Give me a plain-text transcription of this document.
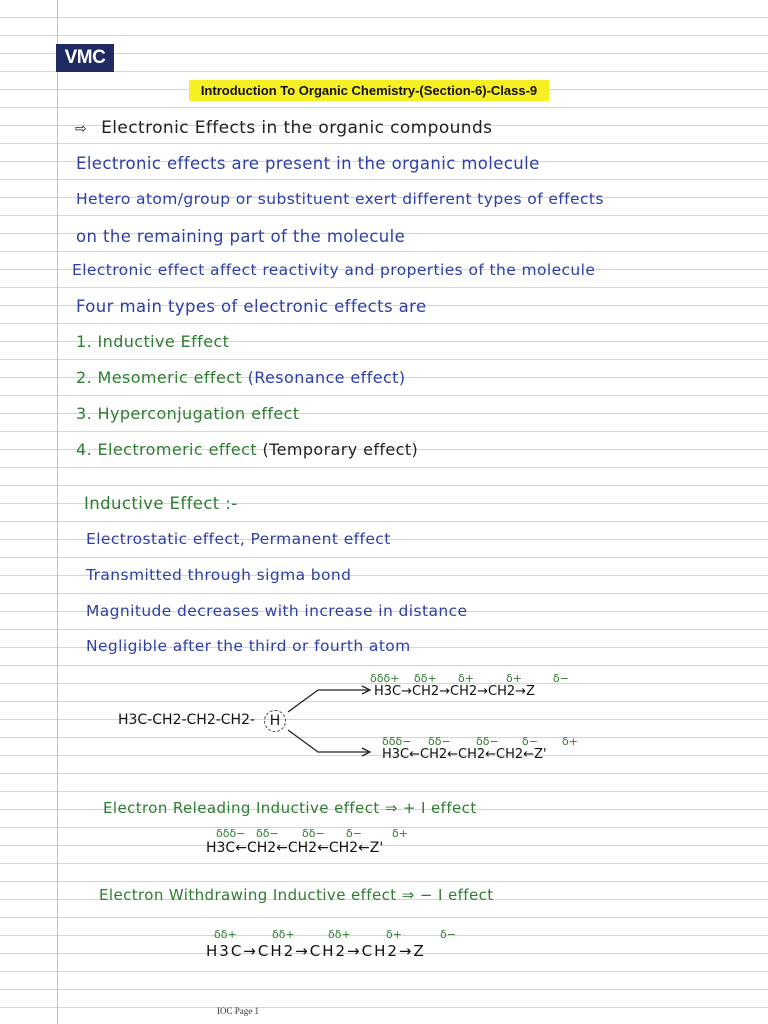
VMC
Introduction To Organic Chemistry-(Section-6)-Class-9
⇨ Electronic Effects in the organic compounds
Electronic effects are present in the organic molecule
Hetero atom/group or substituent exert different types of effects
on the remaining part of the molecule
Electronic effect affect reactivity and properties of the molecule
Four main types of electronic effects are
1. Inductive Effect
2. Mesomeric effect (Resonance effect)
3. Hyperconjugation effect
4. Electromeric effect (Temporary effect)
Inductive Effect :-
Electrostatic effect, Permanent effect
Transmitted through sigma bond
Magnitude decreases with increase in distance
Negligible after the third or fourth atom
H3C-CH2-CH2-CH2-	H
δδδ+ δδ+ δ+	δ+	δ−
H3C→CH2→CH2→CH2→Z
δδδ− δδ− δδ− δ− δ+
H3C←CH2←CH2←CH2←Z'
Electron Releading Inductive effect ⇒ + I effect
δδδ− δδ− δδ− δ−	δ+
H3C←CH2←CH2←CH2←Z'
Electron Withdrawing Inductive effect ⇒ − I effect
δδ+	δδ+	δδ+	δ+	δ−
H3C→CH2→CH2→CH2→Z
IOC Page 1
